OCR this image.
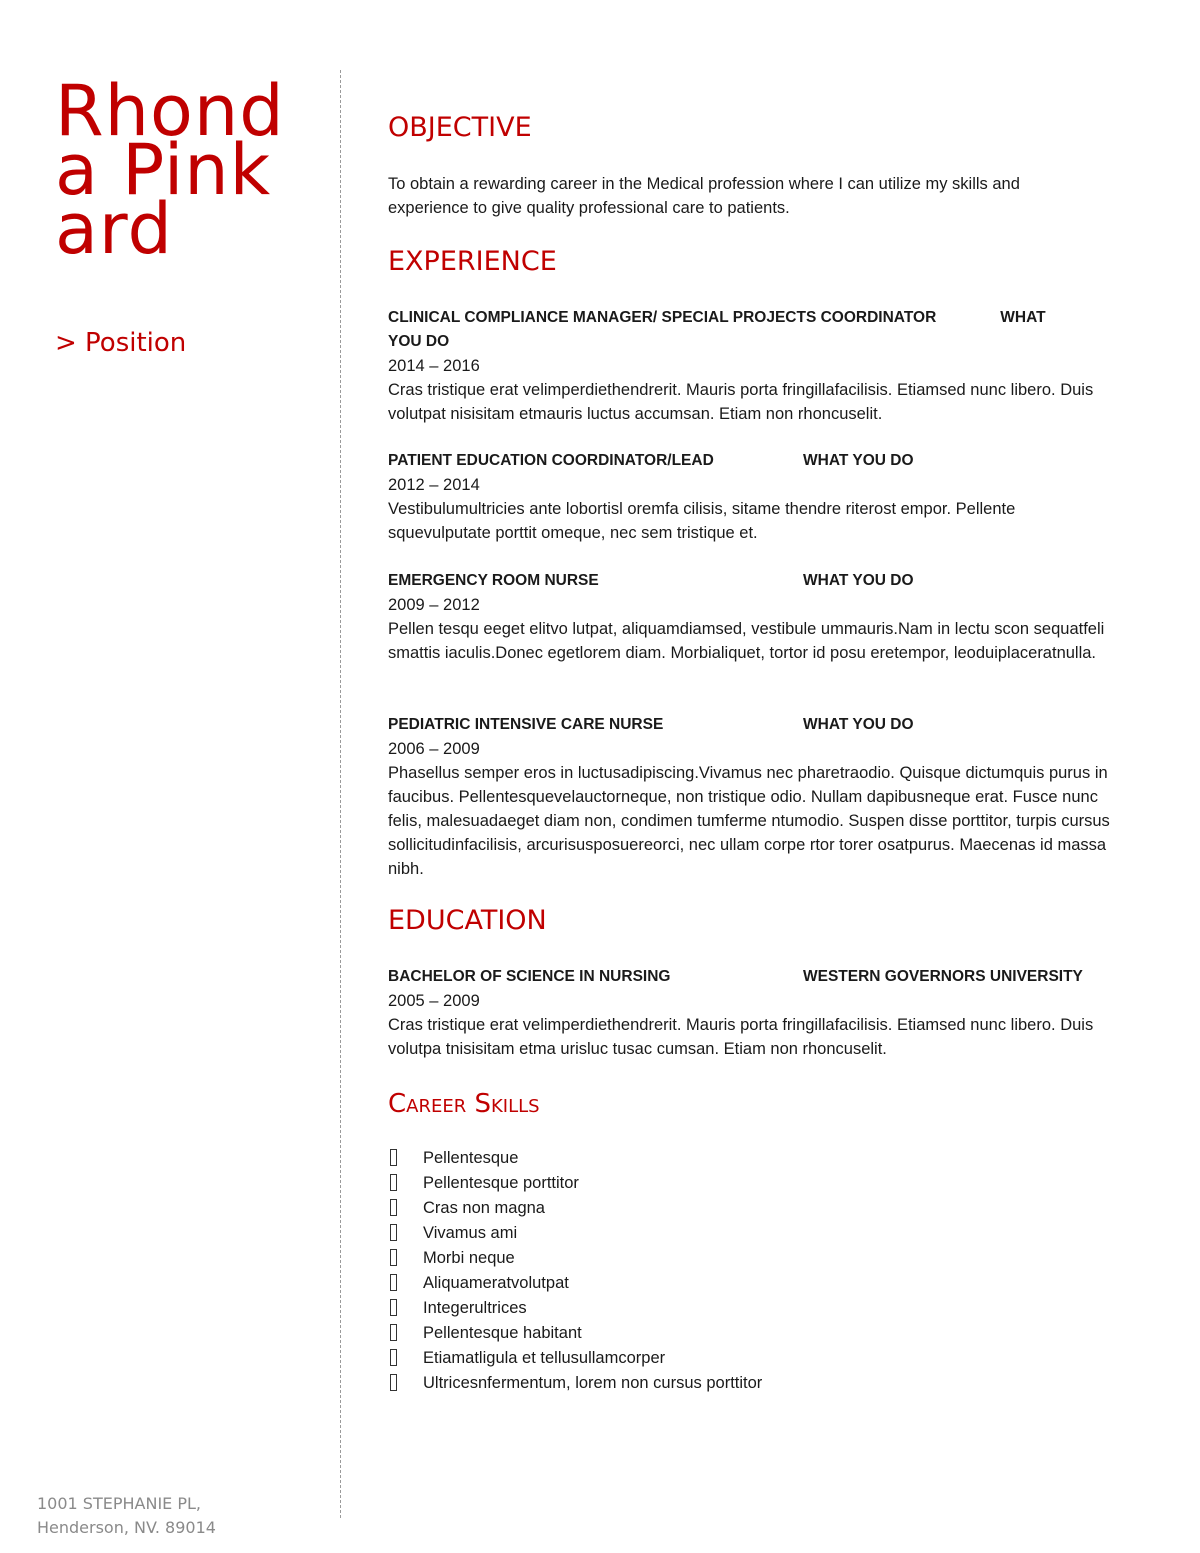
Rhonda Pinkard
> Position
1001 STEPHANIE PL,
Henderson, NV. 89014
OBJECTIVE
To obtain a rewarding career in the Medical profession where I can utilize my skills and experience to give quality professional care to patients.
EXPERIENCE
CLINICAL COMPLIANCE MANAGER/ SPECIAL PROJECTS COORDINATOR	WHAT YOU DO
2014 – 2016
Cras tristique erat velimperdiethendrerit. Mauris porta fringillafacilisis. Etiamsed nunc libero. Duis volutpat nisisitam etmauris luctus accumsan. Etiam non rhoncuselit.
PATIENT EDUCATION COORDINATOR/LEAD	WHAT YOU DO
2012 – 2014
Vestibulumultricies ante lobortisl oremfa cilisis, sitame thendre riterost empor. Pellente squevulputate porttit omeque, nec sem tristique et.
EMERGENCY ROOM NURSE	WHAT YOU DO
2009 – 2012
Pellen tesqu eeget elitvo lutpat, aliquamdiamsed, vestibule ummauris.Nam in lectu scon sequatfeli smattis iaculis.Donec egetlorem diam. Morbialiquet, tortor id posu eretempor, leoduiplaceratnulla.
PEDIATRIC INTENSIVE CARE NURSE	WHAT YOU DO
2006 – 2009
Phasellus semper eros in luctusadipiscing.Vivamus nec pharetraodio. Quisque dictumquis purus in faucibus. Pellentesquevelauctorneque, non tristique odio. Nullam dapibusneque erat. Fusce nunc felis, malesuadaeget diam non, condimen tumferme ntumodio. Suspen disse porttitor, turpis cursus sollicitudinfacilisis, arcurisusposuereorci, nec ullam corpe rtor torer osatpurus. Maecenas id massa nibh.
EDUCATION
BACHELOR OF SCIENCE IN NURSING	WESTERN GOVERNORS UNIVERSITY
2005 – 2009
Cras tristique erat velimperdiethendrerit. Mauris porta fringillafacilisis. Etiamsed nunc libero. Duis volutpa tnisisitam etma urisluc tusac cumsan. Etiam non rhoncuselit.
Career Skills
Pellentesque
Pellentesque porttitor
Cras non magna
Vivamus ami
Morbi neque
Aliquameratvolutpat
Integerultrices
Pellentesque habitant
Etiamatligula et tellusullamcorper
Ultricesnfermentum, lorem non cursus porttitor
